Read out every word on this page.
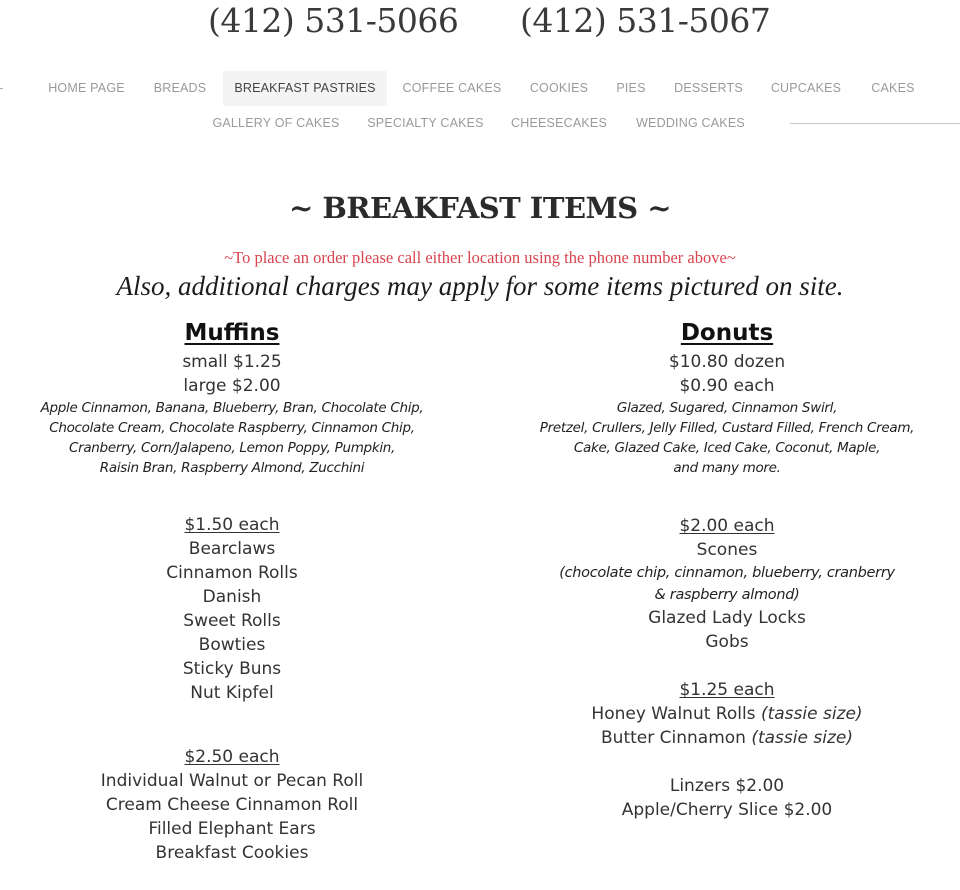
(412) 531-5066 (412) 531-5067
HOME PAGE	BREADS	BREAKFAST PASTRIES	COFFEE CAKES	COOKIES	PIES	DESSERTS	CUPCAKES	CAKES
GALLERY OF CAKES	SPECIALTY CAKES	CHEESECAKES	WEDDING CAKES
~ BREAKFAST ITEMS ~
~To place an order please call either location using the phone number above~
Also, additional charges may apply for some items pictured on site.
Muffins
small $1.25
large $2.00
Apple Cinnamon, Banana, Blueberry, Bran, Chocolate Chip,
Chocolate Cream, Chocolate Raspberry, Cinnamon Chip,
Cranberry, Corn/Jalapeno, Lemon Poppy, Pumpkin,
Raisin Bran, Raspberry Almond, Zucchini
$1.50 each
Bearclaws
Cinnamon Rolls
Danish
Sweet Rolls
Bowties
Sticky Buns
Nut Kipfel
$2.50 each
Individual Walnut or Pecan Roll
Cream Cheese Cinnamon Roll
Filled Elephant Ears
Breakfast Cookies
Donuts
$10.80 dozen
$0.90 each
Glazed, Sugared, Cinnamon Swirl,
Pretzel, Crullers, Jelly Filled, Custard Filled, French Cream,
Cake, Glazed Cake, Iced Cake, Coconut, Maple,
and many more.
$2.00 each
Scones
(chocolate chip, cinnamon, blueberry, cranberry
& raspberry almond)
Glazed Lady Locks
Gobs
$1.25 each
Honey Walnut Rolls (tassie size)
Butter Cinnamon (tassie size)
Linzers $2.00
Apple/Cherry Slice $2.00
